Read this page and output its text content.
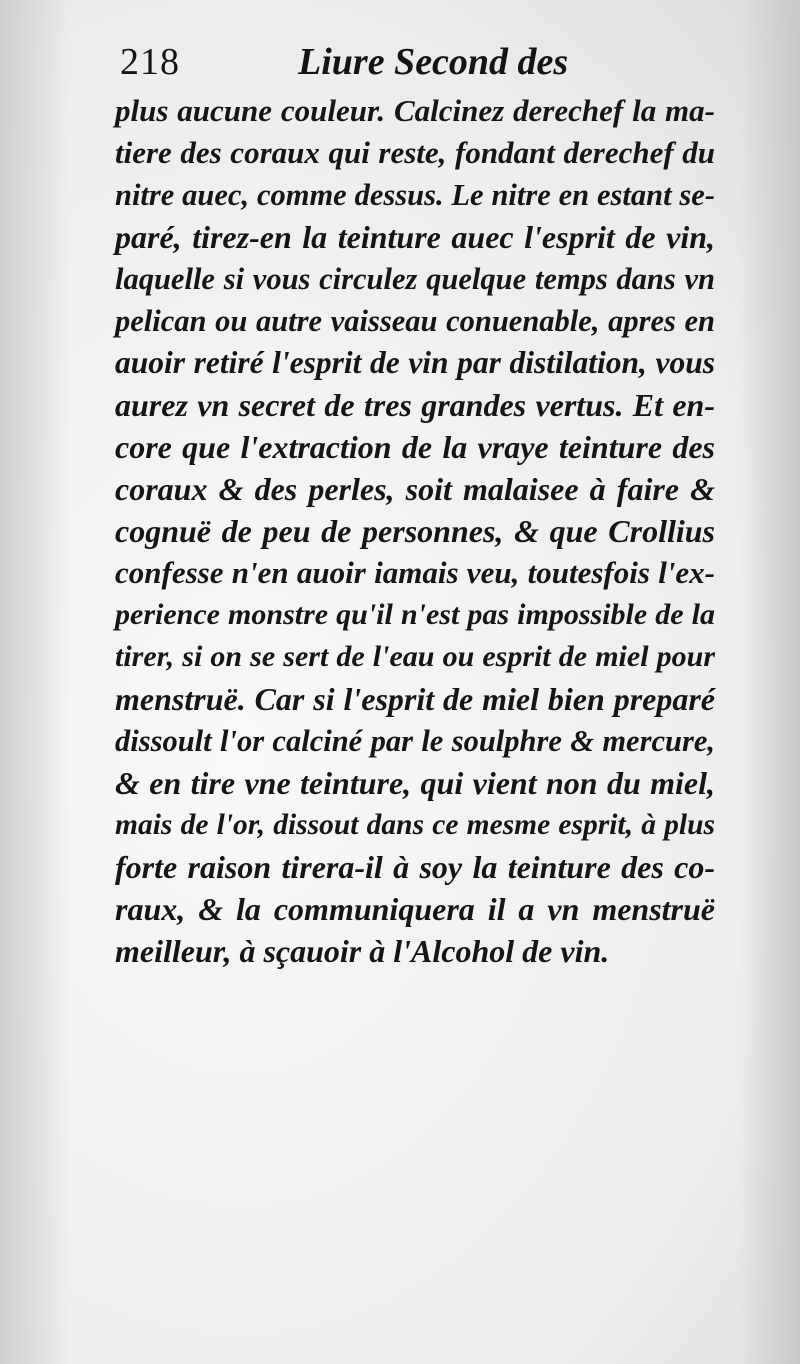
218	Liure Second des
plus aucune couleur. Calcinez derechef la ma-
tiere des coraux qui reste, fondant derechef du
nitre auec, comme dessus. Le nitre en estant se-
paré, tirez-en la teinture auec l'esprit de vin,
laquelle si vous circulez quelque temps dans vn
pelican ou autre vaisseau conuenable, apres en
auoir retiré l'esprit de vin par distilation, vous
aurez vn secret de tres grandes vertus. Et en-
core que l'extraction de la vraye teinture des
coraux & des perles, soit malaisee à faire &
cognuë de peu de personnes, & que Crollius
confesse n'en auoir iamais veu, toutesfois l'ex-
perience monstre qu'il n'est pas impossible de la
tirer, si on se sert de l'eau ou esprit de miel pour
menstruë. Car si l'esprit de miel bien preparé
dissoult l'or calciné par le soulphre & mercure,
& en tire vne teinture, qui vient non du miel,
mais de l'or, dissout dans ce mesme esprit, à plus
forte raison tirera-il à soy la teinture des co-
raux, & la communiquera il a vn menstruë
meilleur, à sçauoir à l'Alcohol de vin.
